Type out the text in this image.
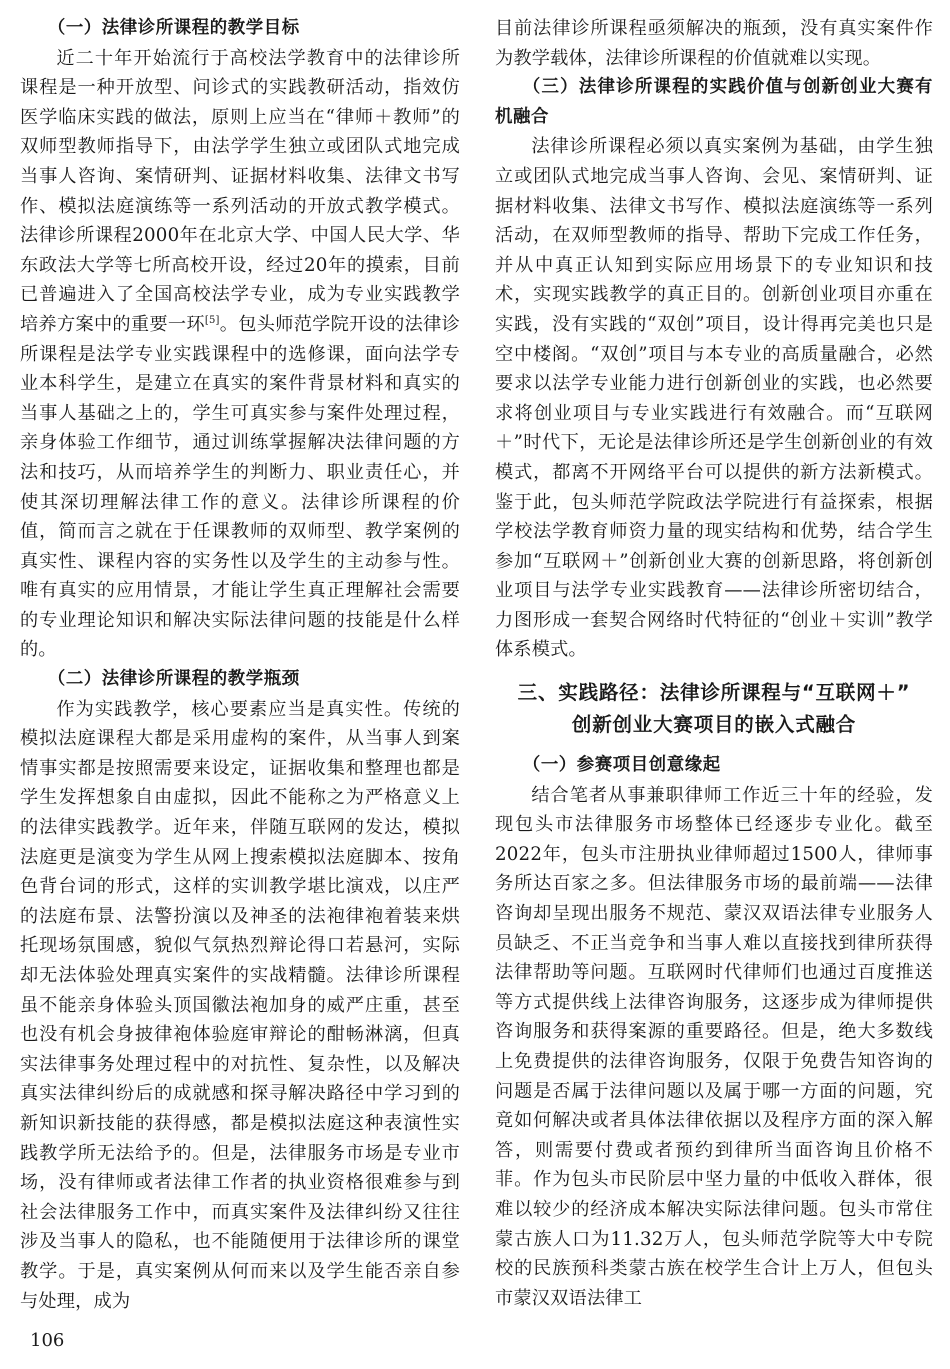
（一）法律诊所课程的教学目标

近二十年开始流行于高校法学教育中的法律诊所课程是一种开放型、问诊式的实践教研活动，指效仿医学临床实践的做法，原则上应当在“律师＋教师”的双师型教师指导下，由法学学生独立或团队式地完成当事人咨询、案情研判、证据材料收集、法律文书写作、模拟法庭演练等一系列活动的开放式教学模式。法律诊所课程2000年在北京大学、中国人民大学、华东政法大学等七所高校开设，经过20年的摸索，目前已普遍进入了全国高校法学专业，成为专业实践教学培养方案中的重要一环[5]。包头师范学院开设的法律诊所课程是法学专业实践课程中的选修课，面向法学专业本科学生，是建立在真实的案件背景材料和真实的当事人基础之上的，学生可真实参与案件处理过程，亲身体验工作细节，通过训练掌握解决法律问题的方法和技巧，从而培养学生的判断力、职业责任心，并使其深切理解法律工作的意义。法律诊所课程的价值，简而言之就在于任课教师的双师型、教学案例的真实性、课程内容的实务性以及学生的主动参与性。唯有真实的应用情景，才能让学生真正理解社会需要的专业理论知识和解决实际法律问题的技能是什么样的。

（二）法律诊所课程的教学瓶颈

作为实践教学，核心要素应当是真实性。传统的模拟法庭课程大都是采用虚构的案件，从当事人到案情事实都是按照需要来设定，证据收集和整理也都是学生发挥想象自由虚拟，因此不能称之为严格意义上的法律实践教学。近年来，伴随互联网的发达，模拟法庭更是演变为学生从网上搜索模拟法庭脚本、按角色背台词的形式，这样的实训教学堪比演戏，以庄严的法庭布景、法警扮演以及神圣的法袍律袍着装来烘托现场氛围感，貌似气氛热烈辩论得口若悬河，实际却无法体验处理真实案件的实战精髓。法律诊所课程虽不能亲身体验头顶国徽法袍加身的威严庄重，甚至也没有机会身披律袍体验庭审辩论的酣畅淋漓，但真实法律事务处理过程中的对抗性、复杂性，以及解决真实法律纠纷后的成就感和探寻解决路径中学习到的新知识新技能的获得感，都是模拟法庭这种表演性实践教学所无法给予的。但是，法律服务市场是专业市场，没有律师或者法律工作者的执业资格很难参与到社会法律服务工作中，而真实案件及法律纠纷又往往涉及当事人的隐私，也不能随便用于法律诊所的课堂教学。于是，真实案例从何而来以及学生能否亲自参与处理，成为

目前法律诊所课程亟须解决的瓶颈，没有真实案件作为教学载体，法律诊所课程的价值就难以实现。

（三）法律诊所课程的实践价值与创新创业大赛有机融合

法律诊所课程必须以真实案例为基础，由学生独立或团队式地完成当事人咨询、会见、案情研判、证据材料收集、法律文书写作、模拟法庭演练等一系列活动，在双师型教师的指导、帮助下完成工作任务，并从中真正认知到实际应用场景下的专业知识和技术，实现实践教学的真正目的。创新创业项目亦重在实践，没有实践的“双创”项目，设计得再完美也只是空中楼阁。“双创”项目与本专业的高质量融合，必然要求以法学专业能力进行创新创业的实践，也必然要求将创业项目与专业实践进行有效融合。而“互联网＋”时代下，无论是法律诊所还是学生创新创业的有效模式，都离不开网络平台可以提供的新方法新模式。鉴于此，包头师范学院政法学院进行有益探索，根据学校法学教育师资力量的现实结构和优势，结合学生参加“互联网＋”创新创业大赛的创新思路，将创新创业项目与法学专业实践教育——法律诊所密切结合，力图形成一套契合网络时代特征的“创业＋实训”教学体系模式。

三、实践路径：法律诊所课程与“互联网＋”
创新创业大赛项目的嵌入式融合
（一）参赛项目创意缘起

结合笔者从事兼职律师工作近三十年的经验，发现包头市法律服务市场整体已经逐步专业化。截至2022年，包头市注册执业律师超过1500人，律师事务所达百家之多。但法律服务市场的最前端——法律咨询却呈现出服务不规范、蒙汉双语法律专业服务人员缺乏、不正当竞争和当事人难以直接找到律所获得法律帮助等问题。互联网时代律师们也通过百度推送等方式提供线上法律咨询服务，这逐步成为律师提供咨询服务和获得案源的重要路径。但是，绝大多数线上免费提供的法律咨询服务，仅限于免费告知咨询的问题是否属于法律问题以及属于哪一方面的问题，究竟如何解决或者具体法律依据以及程序方面的深入解答，则需要付费或者预约到律所当面咨询且价格不菲。作为包头市民阶层中坚力量的中低收入群体，很难以较少的经济成本解决实际法律问题。包头市常住蒙古族人口为11.32万人，包头师范学院等大中专院校的民族预科类蒙古族在校学生合计上万人，但包头市蒙汉双语法律工

106
